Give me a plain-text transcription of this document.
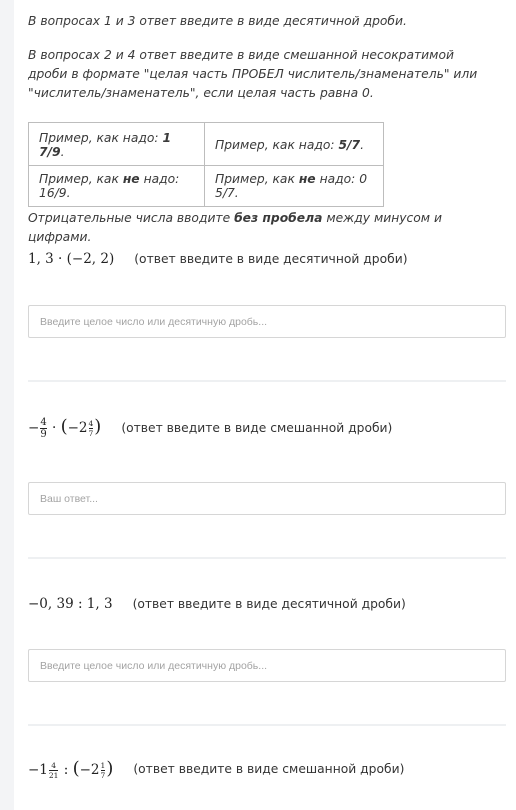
В вопросах 1 и 3 ответ введите в виде десятичной дроби.

В вопросах 2 и 4 ответ введите в виде смешанной несократимой дроби в формате "целая часть ПРОБЕЛ числитель/знаменатель" или "числитель/знаменатель", если целая часть равна 0.

Пример, как надо: 1 7/9.	Пример, как надо: 5/7.
Пример, как не надо: 16/9.	Пример, как не надо: 0 5/7.

Отрицательные числа вводите без пробела между минусом и цифрами.

1, 3 · (−2, 2) (ответ введите в виде десятичной дроби)
Введите целое число или десятичную дробь...
− $\frac{4}{9} \cdot (-2 \frac{4}{7}$ ) (ответ введите в виде смешанной дроби)
Ваш ответ...
−0, 39 : 1, 3 (ответ введите в виде десятичной дроби)
Введите целое число или десятичную дробь...
$-1 \frac{4}{21}$ : ($-2 \frac{1}{7}$ ) (ответ введите в виде смешанной дроби)
